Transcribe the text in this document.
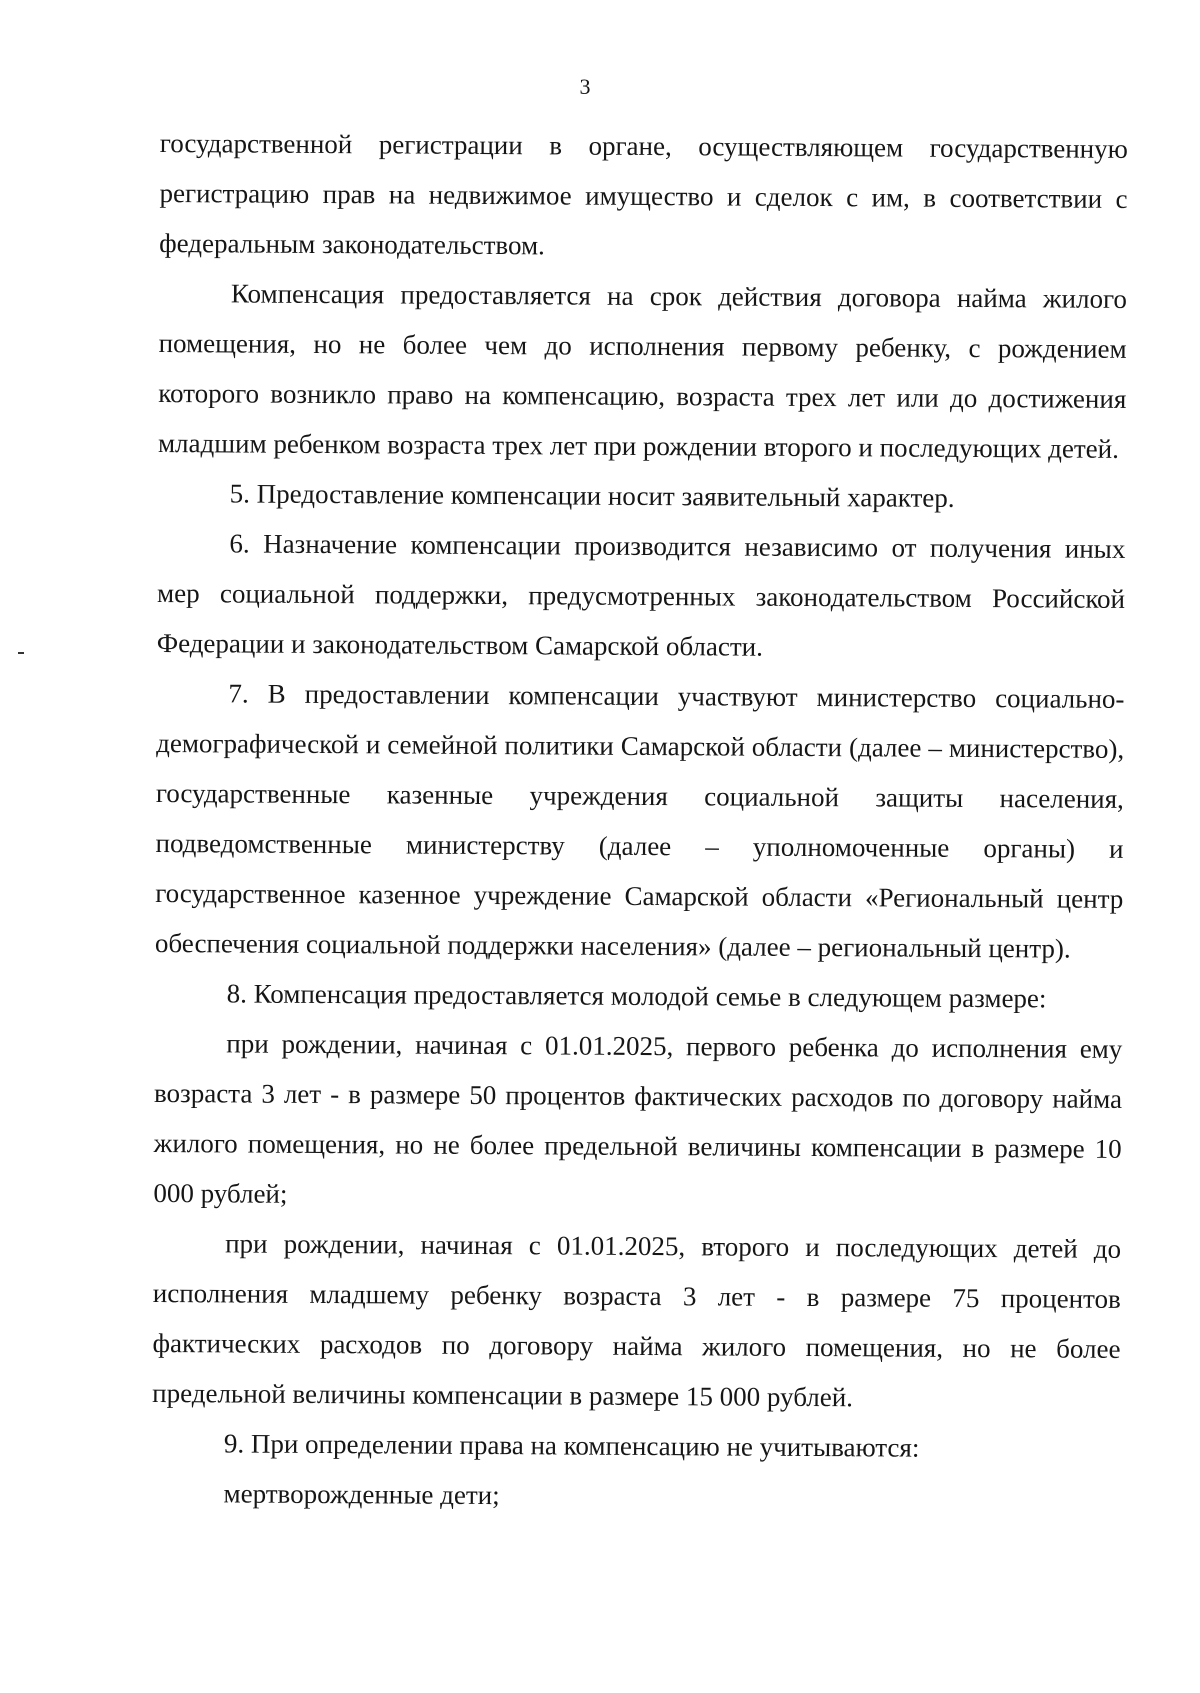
3

государственной регистрации в органе, осуществляющем государственную регистрацию прав на недвижимое имущество и сделок с им, в соответствии с федеральным законодательством.

Компенсация предоставляется на срок действия договора найма жилого помещения, но не более чем до исполнения первому ребенку, с рождением которого возникло право на компенсацию, возраста трех лет или до достижения младшим ребенком возраста трех лет при рождении второго и последующих детей.

5. Предоставление компенсации носит заявительный характер.

6. Назначение компенсации производится независимо от получения иных мер социальной поддержки, предусмотренных законодательством Российской Федерации и законодательством Самарской области.

7. В предоставлении компенсации участвуют министерство социально-демографической и семейной политики Самарской области (далее – министерство), государственные казенные учреждения социальной защиты населения, подведомственные министерству (далее – уполномоченные органы) и государственное казенное учреждение Самарской области «Региональный центр обеспечения социальной поддержки населения» (далее – региональный центр).

8. Компенсация предоставляется молодой семье в следующем размере:

при рождении, начиная с 01.01.2025, первого ребенка до исполнения ему возраста 3 лет - в размере 50 процентов фактических расходов по договору найма жилого помещения, но не более предельной величины компенсации в размере 10 000 рублей;

при рождении, начиная с 01.01.2025, второго и последующих детей до исполнения младшему ребенку возраста 3 лет - в размере 75 процентов фактических расходов по договору найма жилого помещения, но не более предельной величины компенсации в размере 15 000 рублей.

9. При определении права на компенсацию не учитываются:

мертворожденные дети;
